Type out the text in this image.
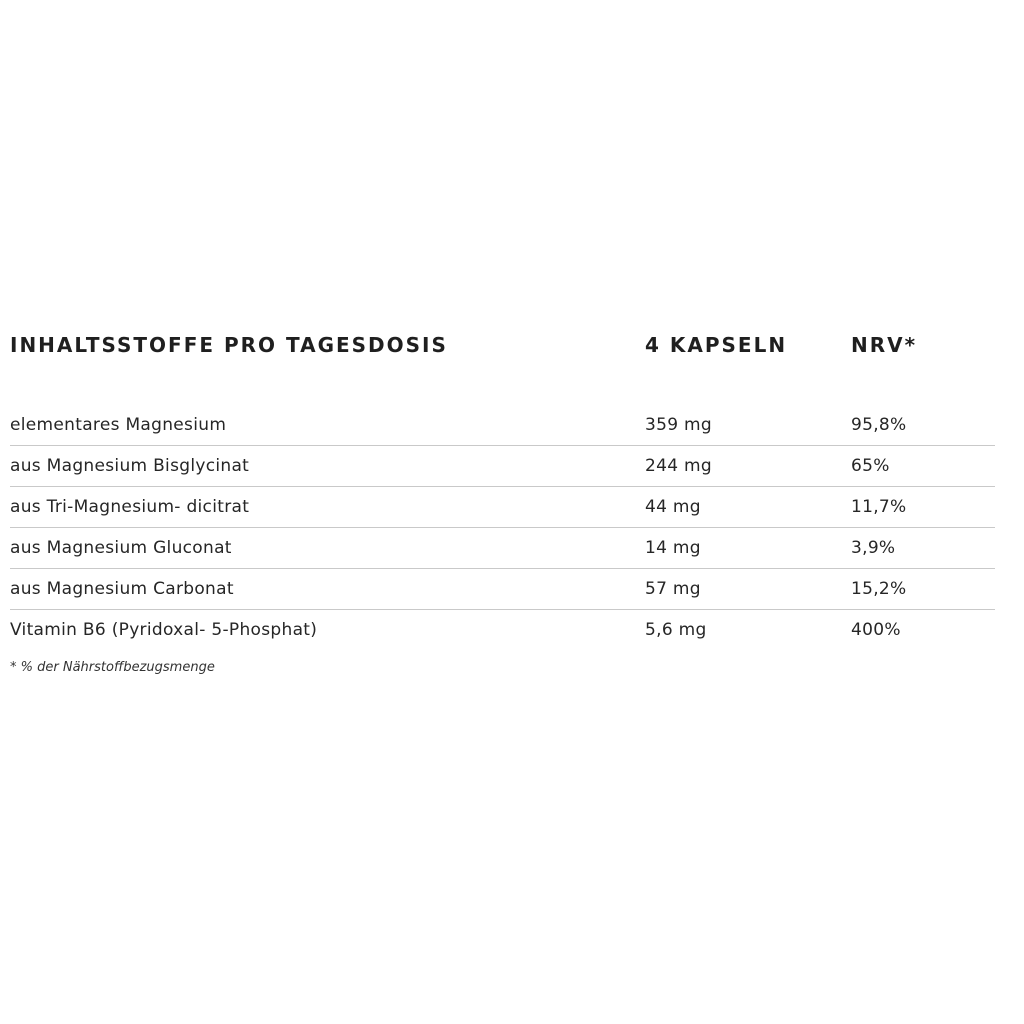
INHALTSSTOFFE PRO TAGESDOSIS	4 KAPSELN	NRV*
elementares Magnesium	359 mg	95,8%
aus Magnesium Bisglycinat	244 mg	65%
aus Tri-Magnesium- dicitrat	44 mg	11,7%
aus Magnesium Gluconat	14 mg	3,9%
aus Magnesium Carbonat	57 mg	15,2%
Vitamin B6 (Pyridoxal- 5-Phosphat)	5,6 mg	400%
* % der Nährstoffbezugsmenge
